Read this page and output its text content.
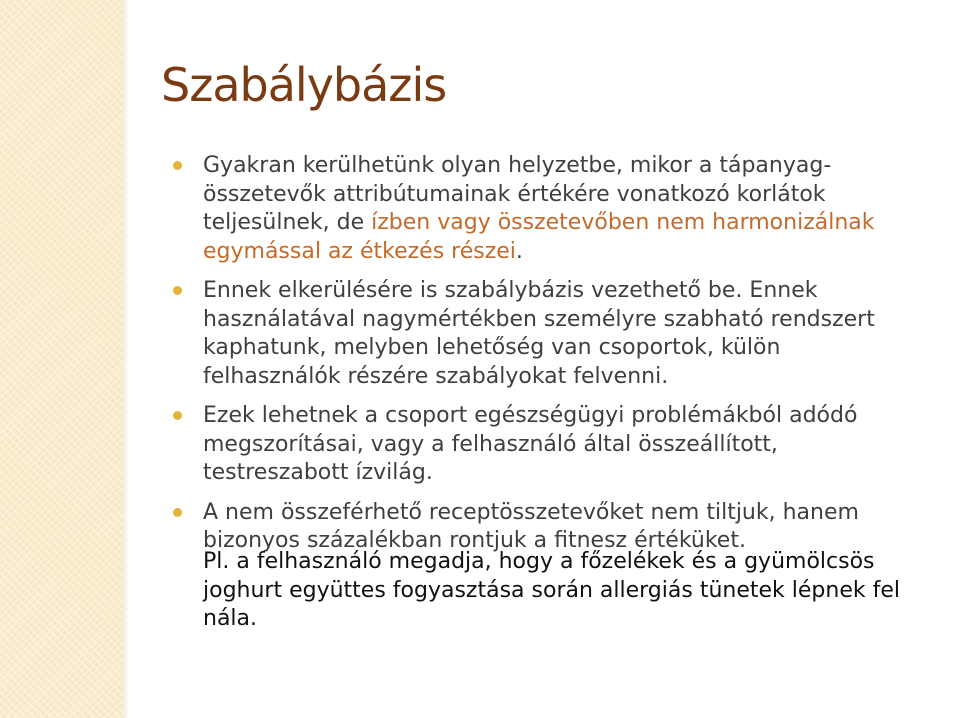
Szabálybázis
Gyakran kerülhetünk olyan helyzetbe, mikor a tápanyag-összetevők attribútumainak értékére vonatkozó korlátok teljesülnek, de ízben vagy összetevőben nem harmonizálnak egymással az étkezés részei.
Ennek elkerülésére is szabálybázis vezethető be. Ennek használatával nagymértékben személyre szabható rendszert kaphatunk, melyben lehetőség van csoportok, külön felhasználók részére szabályokat felvenni.
Ezek lehetnek a csoport egészségügyi problémákból adódó megszorításai, vagy a felhasználó által összeállított, testreszabott ízvilág.
A nem összeférhető receptösszetevőket nem tiltjuk, hanem bizonyos százalékban rontjuk a fitnesz értéküket.

Pl. a felhasználó megadja, hogy a főzelékek és a gyümölcsös joghurt együttes fogyasztása során allergiás tünetek lépnek fel nála.
